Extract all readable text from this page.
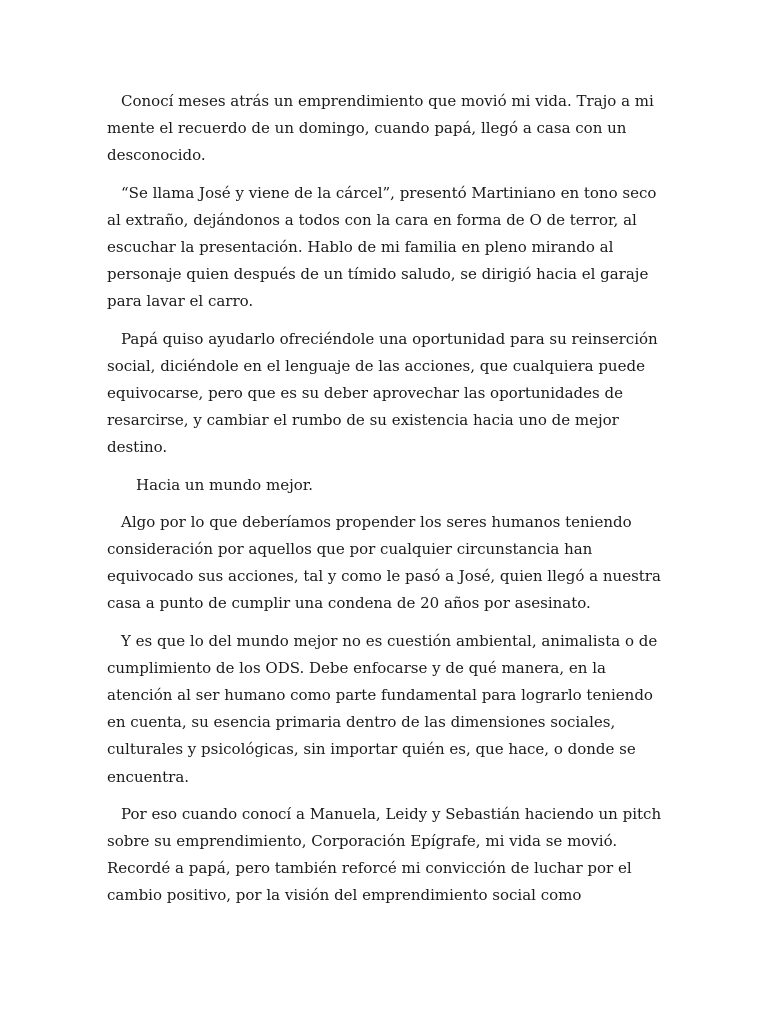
Conocí meses atrás un emprendimiento que movió mi vida. Trajo a mi mente el recuerdo de un domingo, cuando papá, llegó a casa con un desconocido.

“Se llama José y viene de la cárcel”, presentó Martiniano en tono seco al extraño, dejándonos a todos con la cara en forma de O de terror, al escuchar la presentación. Hablo de mi familia en pleno mirando al personaje quien después de un tímido saludo, se dirigió hacia el garaje para lavar el carro.

Papá quiso ayudarlo ofreciéndole una oportunidad para su reinserción social, diciéndole en el lenguaje de las acciones, que cualquiera puede equivocarse, pero que es su deber aprovechar las oportunidades de resarcirse, y cambiar el rumbo de su existencia hacia uno de mejor destino.

Hacia un mundo mejor.

Algo por lo que deberíamos propender los seres humanos teniendo consideración por aquellos que por cualquier circunstancia han equivocado sus acciones, tal y como le pasó a José, quien llegó a nuestra casa a punto de cumplir una condena de 20 años por asesinato.

Y es que lo del mundo mejor no es cuestión ambiental, animalista o de cumplimiento de los ODS. Debe enfocarse y de qué manera, en la atención al ser humano como parte fundamental para lograrlo teniendo en cuenta, su esencia primaria dentro de las dimensiones sociales, culturales y psicológicas, sin importar quién es, que hace, o donde se encuentra.

Por eso cuando conocí a Manuela, Leidy y Sebastián haciendo un pitch sobre su emprendimiento, Corporación Epígrafe, mi vida se movió. Recordé a papá, pero también reforcé mi convicción de luchar por el cambio positivo, por la visión del emprendimiento social como
